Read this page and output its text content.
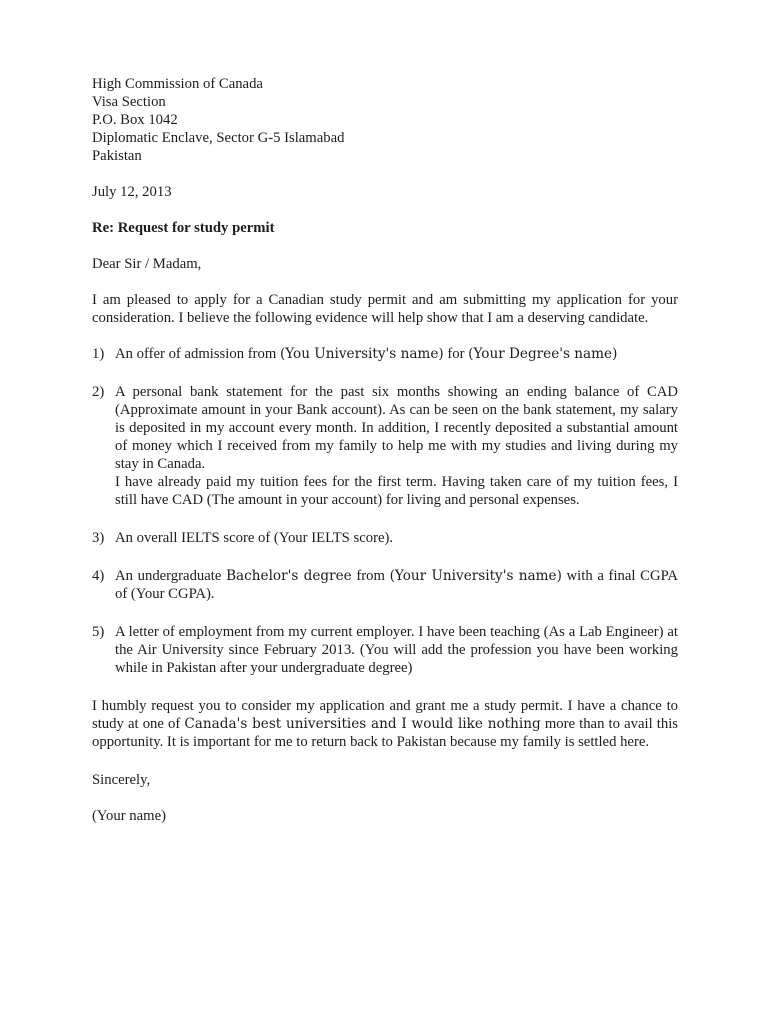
High Commission of Canada
Visa Section
P.O. Box 1042
Diplomatic Enclave, Sector G-5 Islamabad
Pakistan
July 12, 2013
Re: Request for study permit
Dear Sir / Madam,

I am pleased to apply for a Canadian study permit and am submitting my application for your consideration. I believe the following evidence will help show that I am a deserving candidate.

1) An offer of admission from (You University's name) for (Your Degree's name)
2) A personal bank statement for the past six months showing an ending balance of CAD (Approximate amount in your Bank account). As can be seen on the bank statement, my salary is deposited in my account every month. In addition, I recently deposited a substantial amount of money which I received from my family to help me with my studies and living during my stay in Canada.
I have already paid my tuition fees for the first term. Having taken care of my tuition fees, I still have CAD (The amount in your account) for living and personal expenses.
3) An overall IELTS score of (Your IELTS score).
4) An undergraduate Bachelor's degree from (Your University's name) with a final CGPA of (Your CGPA).
5) A letter of employment from my current employer. I have been teaching (As a Lab Engineer) at the Air University since February 2013. (You will add the profession you have been working while in Pakistan after your undergraduate degree)

I humbly request you to consider my application and grant me a study permit. I have a chance to study at one of Canada's best universities and I would like nothing more than to avail this opportunity. It is important for me to return back to Pakistan because my family is settled here.

Sincerely,
(Your name)
